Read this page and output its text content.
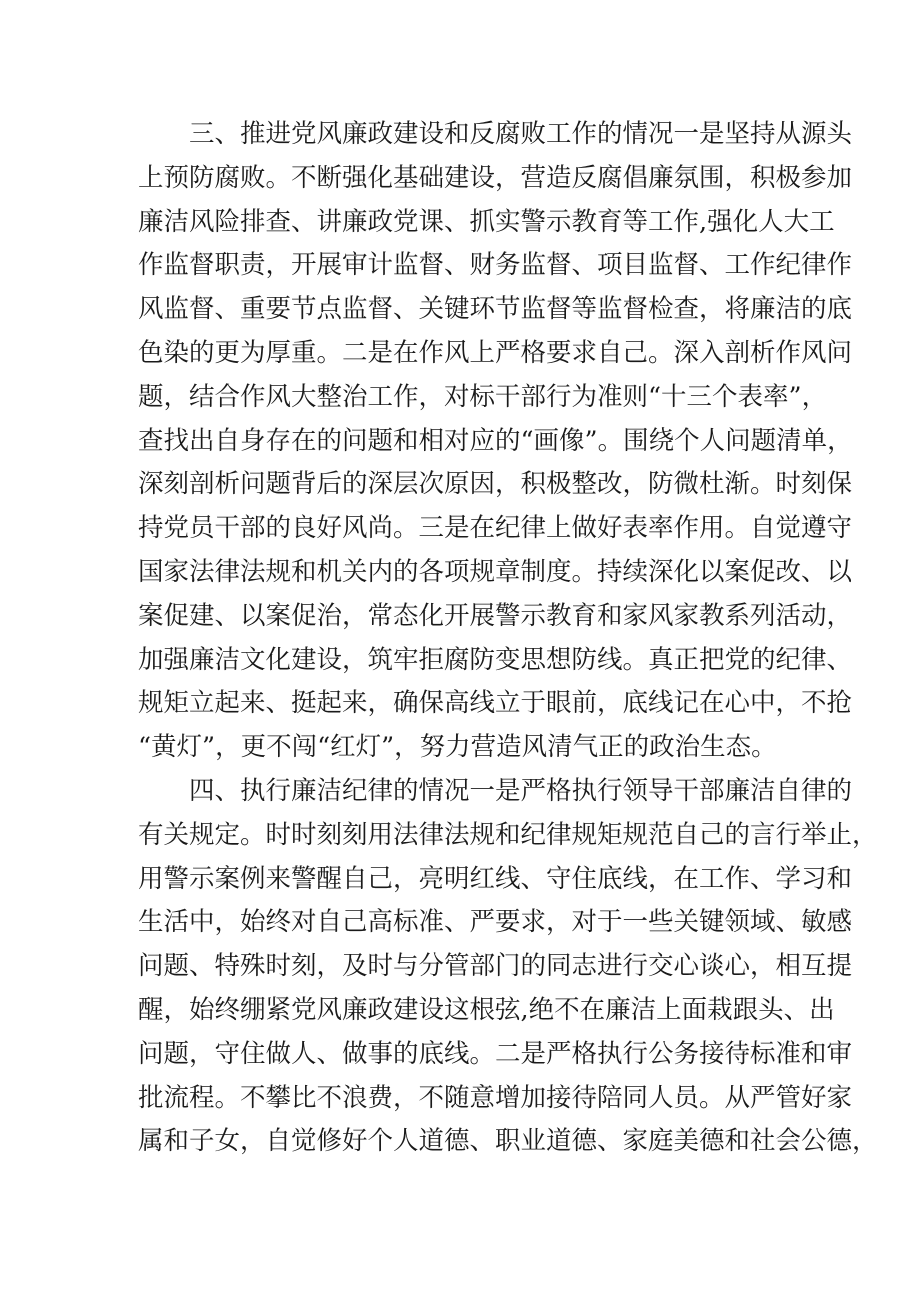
三、推进党风廉政建设和反腐败工作的情况一是坚持从源头
上预防腐败。不断强化基础建设，营造反腐倡廉氛围，积极参加
廉洁风险排查、讲廉政党课、抓实警示教育等工作,强化人大工
作监督职责，开展审计监督、财务监督、项目监督、工作纪律作
风监督、重要节点监督、关键环节监督等监督检查，将廉洁的底
色染的更为厚重。二是在作风上严格要求自己。深入剖析作风问
题，结合作风大整治工作，对标干部行为准则“十三个表率”，
查找出自身存在的问题和相对应的“画像”。围绕个人问题清单，
深刻剖析问题背后的深层次原因，积极整改，防微杜渐。时刻保
持党员干部的良好风尚。三是在纪律上做好表率作用。自觉遵守
国家法律法规和机关内的各项规章制度。持续深化以案促改、以
案促建、以案促治，常态化开展警示教育和家风家教系列活动，
加强廉洁文化建设，筑牢拒腐防变思想防线。真正把党的纪律、
规矩立起来、挺起来，确保高线立于眼前，底线记在心中，不抢
“黄灯”，更不闯“红灯”，努力营造风清气正的政治生态。
四、执行廉洁纪律的情况一是严格执行领导干部廉洁自律的
有关规定。时时刻刻用法律法规和纪律规矩规范自己的言行举止，
用警示案例来警醒自己，亮明红线、守住底线，在工作、学习和
生活中，始终对自己高标准、严要求，对于一些关键领域、敏感
问题、特殊时刻，及时与分管部门的同志进行交心谈心，相互提
醒，始终绷紧党风廉政建设这根弦,绝不在廉洁上面栽跟头、出
问题，守住做人、做事的底线。二是严格执行公务接待标准和审
批流程。不攀比不浪费，不随意增加接待陪同人员。从严管好家
属和子女，自觉修好个人道德、职业道德、家庭美德和社会公德，
